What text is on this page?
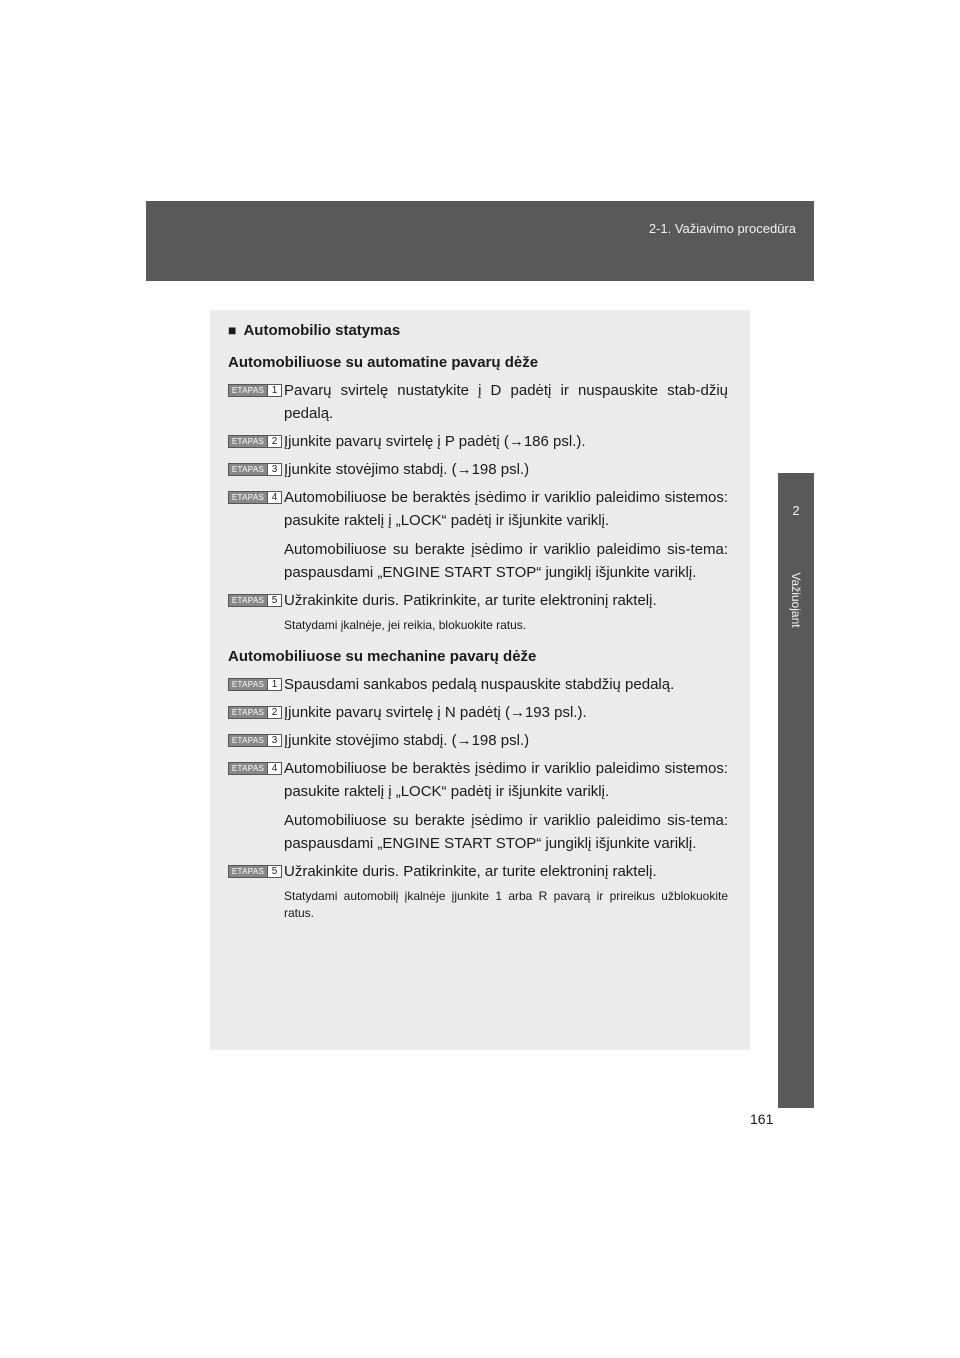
2-1. Važiavimo procedūra
2
Važiuojant
■ Automobilio statymas
Automobiliuose su automatine pavarų dėže
ETAPAS 1 Pavarų svirtelę nustatykite į D padėtį ir nuspauskite stab-džių pedalą.

ETAPAS 2 Įjunkite pavarų svirtelę į P padėtį (→186 psl.).

ETAPAS 3 Įjunkite stovėjimo stabdį. (→198 psl.)

ETAPAS 4 Automobiliuose be beraktės įsėdimo ir variklio paleidimo sistemos: pasukite raktelį į „LOCK“ padėtį ir išjunkite variklį.

Automobiliuose su berakte įsėdimo ir variklio paleidimo sis-tema: paspausdami „ENGINE START STOP“ jungiklį išjunkite variklį.

ETAPAS 5 Užrakinkite duris. Patikrinkite, ar turite elektroninį raktelį.

Statydami įkalnėje, jei reikia, blokuokite ratus.
Automobiliuose su mechanine pavarų dėže
ETAPAS 1 Spausdami sankabos pedalą nuspauskite stabdžių pedalą.

ETAPAS 2 Įjunkite pavarų svirtelę į N padėtį (→193 psl.).

ETAPAS 3 Įjunkite stovėjimo stabdį. (→198 psl.)

ETAPAS 4 Automobiliuose be beraktės įsėdimo ir variklio paleidimo sistemos: pasukite raktelį į „LOCK“ padėtį ir išjunkite variklį.

Automobiliuose su berakte įsėdimo ir variklio paleidimo sis-tema: paspausdami „ENGINE START STOP“ jungiklį išjunkite variklį.

ETAPAS 5 Užrakinkite duris. Patikrinkite, ar turite elektroninį raktelį.

Statydami automobilį įkalnėje įjunkite 1 arba R pavarą ir prireikus užblokuokite ratus.
161
